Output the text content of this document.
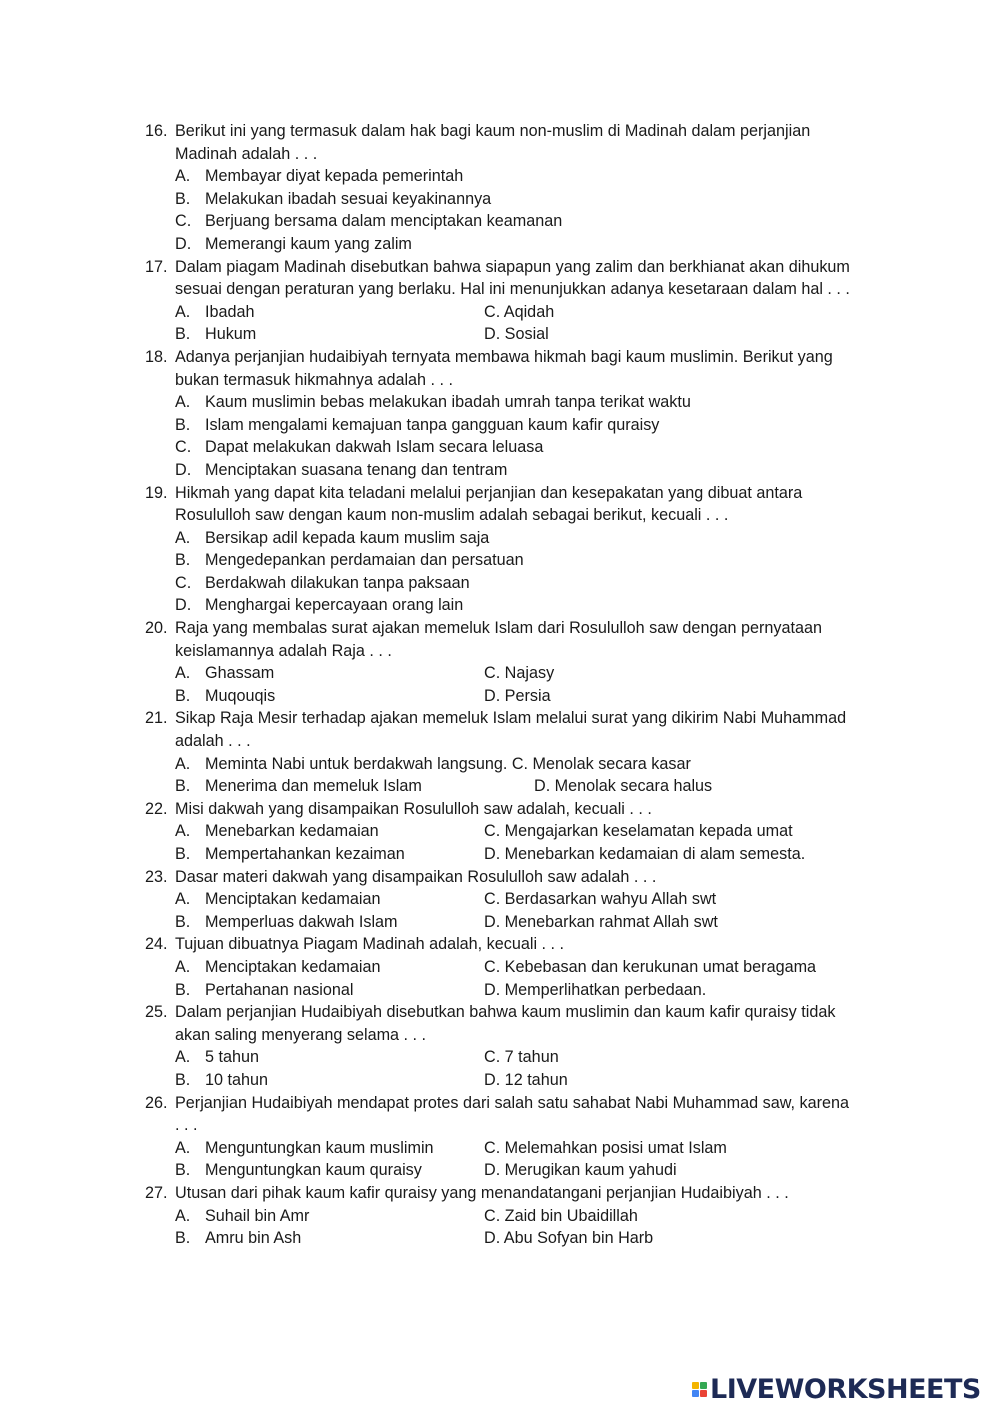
16. Berikut ini yang termasuk dalam hak bagi kaum non-muslim di Madinah dalam perjanjian
Madinah adalah . . .
A. Membayar diyat kepada pemerintah
B. Melakukan ibadah sesuai keyakinannya
C. Berjuang bersama dalam menciptakan keamanan
D. Memerangi kaum yang zalim
17. Dalam piagam Madinah disebutkan bahwa siapapun yang zalim dan berkhianat akan dihukum
sesuai dengan peraturan yang berlaku. Hal ini menunjukkan adanya kesetaraan dalam hal . . .
A. Ibadah	C. Aqidah
B. Hukum	D. Sosial
18. Adanya perjanjian hudaibiyah ternyata membawa hikmah bagi kaum muslimin. Berikut yang
bukan termasuk hikmahnya adalah . . .
A. Kaum muslimin bebas melakukan ibadah umrah tanpa terikat waktu
B. Islam mengalami kemajuan tanpa gangguan kaum kafir quraisy
C. Dapat melakukan dakwah Islam secara leluasa
D. Menciptakan suasana tenang dan tentram
19. Hikmah yang dapat kita teladani melalui perjanjian dan kesepakatan yang dibuat antara
Rosululloh saw dengan kaum non-muslim adalah sebagai berikut, kecuali . . .
A. Bersikap adil kepada kaum muslim saja
B. Mengedepankan perdamaian dan persatuan
C. Berdakwah dilakukan tanpa paksaan
D. Menghargai kepercayaan orang lain
20. Raja yang membalas surat ajakan memeluk Islam dari Rosululloh saw dengan pernyataan
keislamannya adalah Raja . . .
A. Ghassam	C. Najasy
B. Muqouqis	D. Persia
21. Sikap Raja Mesir terhadap ajakan memeluk Islam melalui surat yang dikirim Nabi Muhammad
adalah . . .
A. Meminta Nabi untuk berdakwah langsung. C. Menolak secara kasar
B. Menerima dan memeluk Islam	D. Menolak secara halus
22. Misi dakwah yang disampaikan Rosululloh saw adalah, kecuali . . .
A. Menebarkan kedamaian	C. Mengajarkan keselamatan kepada umat
B. Mempertahankan kezaiman	D. Menebarkan kedamaian di alam semesta.
23. Dasar materi dakwah yang disampaikan Rosululloh saw adalah . . .
A. Menciptakan kedamaian	C. Berdasarkan wahyu Allah swt
B. Memperluas dakwah Islam	D. Menebarkan rahmat Allah swt
24. Tujuan dibuatnya Piagam Madinah adalah, kecuali . . .
A. Menciptakan kedamaian	C. Kebebasan dan kerukunan umat beragama
B. Pertahanan nasional	D. Memperlihatkan perbedaan.
25. Dalam perjanjian Hudaibiyah disebutkan bahwa kaum muslimin dan kaum kafir quraisy tidak
akan saling menyerang selama . . .
A. 5 tahun	C. 7 tahun
B. 10 tahun	D. 12 tahun
26. Perjanjian Hudaibiyah mendapat protes dari salah satu sahabat Nabi Muhammad saw, karena
. . .
A. Menguntungkan kaum muslimin	C. Melemahkan posisi umat Islam
B. Menguntungkan kaum quraisy	D. Merugikan kaum yahudi
27. Utusan dari pihak kaum kafir quraisy yang menandatangani perjanjian Hudaibiyah . . .
A. Suhail bin Amr	C. Zaid bin Ubaidillah
B. Amru bin Ash	D. Abu Sofyan bin Harb
LIVEWORKSHEETS
